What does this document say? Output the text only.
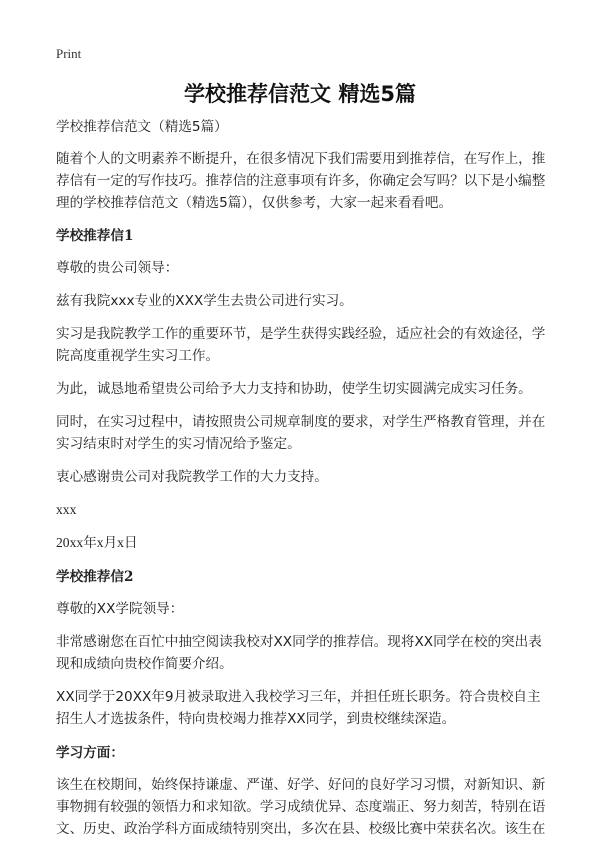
Print
学校推荐信范文 精选5篇

学校推荐信范文（精选5篇）

随着个人的文明素养不断提升，在很多情况下我们需要用到推荐信，在写作上，推荐信有一定的写作技巧。推荐信的注意事项有许多，你确定会写吗？以下是小编整理的学校推荐信范文（精选5篇），仅供参考，大家一起来看看吧。

学校推荐信1

尊敬的贵公司领导：

兹有我院xxx专业的XXX学生去贵公司进行实习。

实习是我院教学工作的重要环节，是学生获得实践经验，适应社会的有效途径，学院高度重视学生实习工作。

为此，诚恳地希望贵公司给予大力支持和协助，使学生切实圆满完成实习任务。

同时，在实习过程中，请按照贵公司规章制度的要求，对学生严格教育管理，并在实习结束时对学生的实习情况给予鉴定。

衷心感谢贵公司对我院教学工作的大力支持。

xxx

20xx年x月x日

学校推荐信2

尊敬的XX学院领导：

非常感谢您在百忙中抽空阅读我校对XX同学的推荐信。现将XX同学在校的突出表现和成绩向贵校作简要介绍。

XX同学于20XX年9月被录取进入我校学习三年，并担任班长职务。符合贵校自主招生人才选拔条件，特向贵校竭力推荐XX同学，到贵校继续深造。

学习方面：

该生在校期间，始终保持谦虚、严谨、好学、好问的良好学习习惯，对新知识、新事物拥有较强的领悟力和求知欲。学习成绩优异、态度端正、努力刻苦，特别在语文、历史、政治学科方面成绩特别突出，多次在县、校级比赛中荣获名次。该生在
